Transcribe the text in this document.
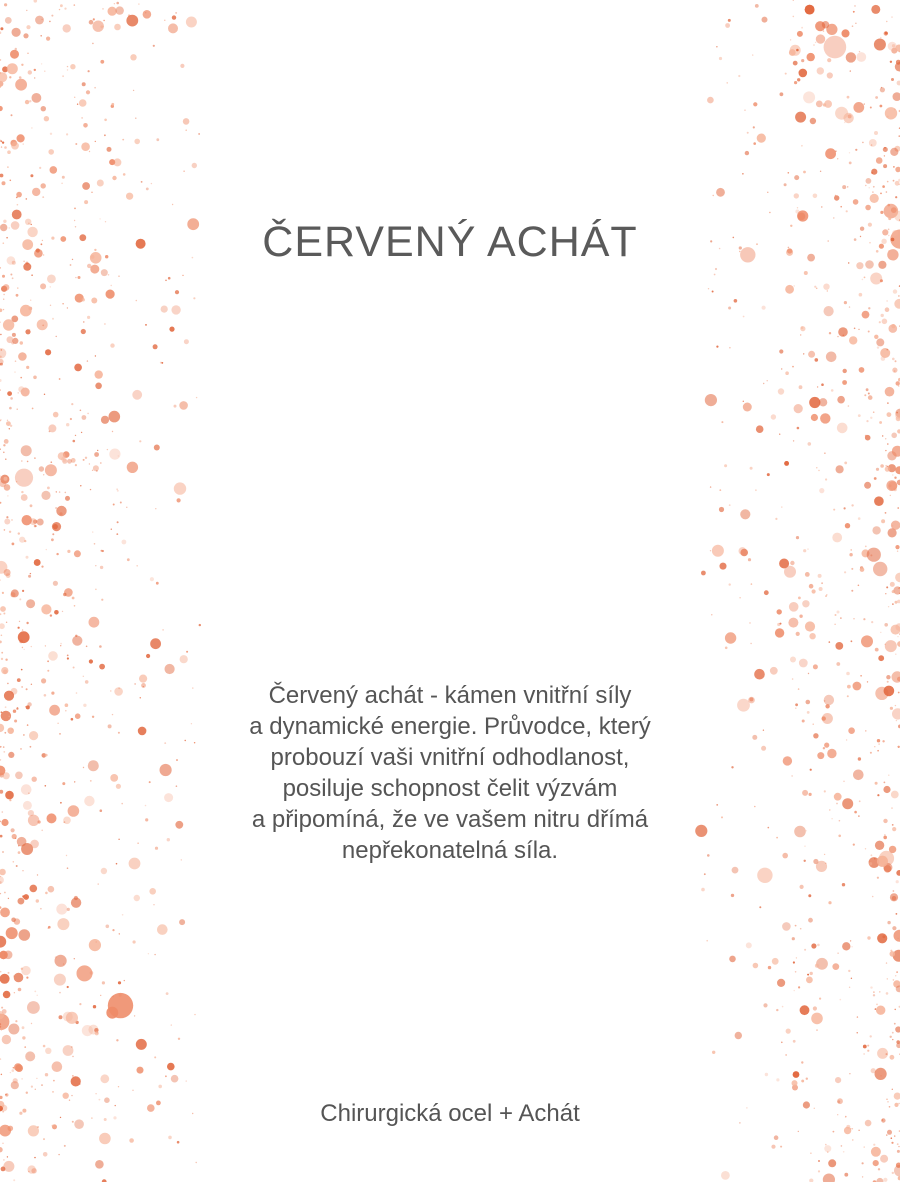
ČERVENÝ ACHÁT

Červený achát - kámen vnitřní síly
a dynamické energie. Průvodce, který
probouzí vaši vnitřní odhodlanost,
posiluje schopnost čelit výzvám
a připomíná, že ve vašem nitru dřímá
nepřekonatelná síla.

Chirurgická ocel + Achát
